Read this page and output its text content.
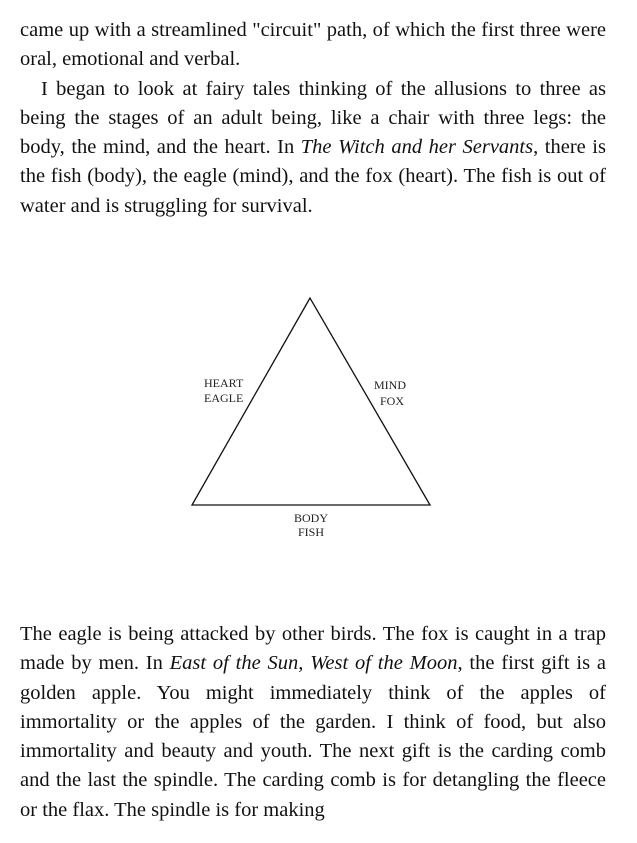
came up with a streamlined "circuit" path, of which the first three were oral, emotional and verbal.

I began to look at fairy tales thinking of the allusions to three as being the stages of an adult being, like a chair with three legs: the body, the mind, and the heart. In The Witch and her Servants, there is the fish (body), the eagle (mind), and the fox (heart). The fish is out of water and is struggling for survival.

HEART
EAGLE
MIND
FOX
BODY
FISH

The eagle is being attacked by other birds. The fox is caught in a trap made by men. In East of the Sun, West of the Moon, the first gift is a golden apple. You might immediately think of the apples of immortality or the apples of the garden. I think of food, but also immortality and beauty and youth. The next gift is the carding comb and the last the spindle. The carding comb is for detangling the fleece or the flax. The spindle is for making
